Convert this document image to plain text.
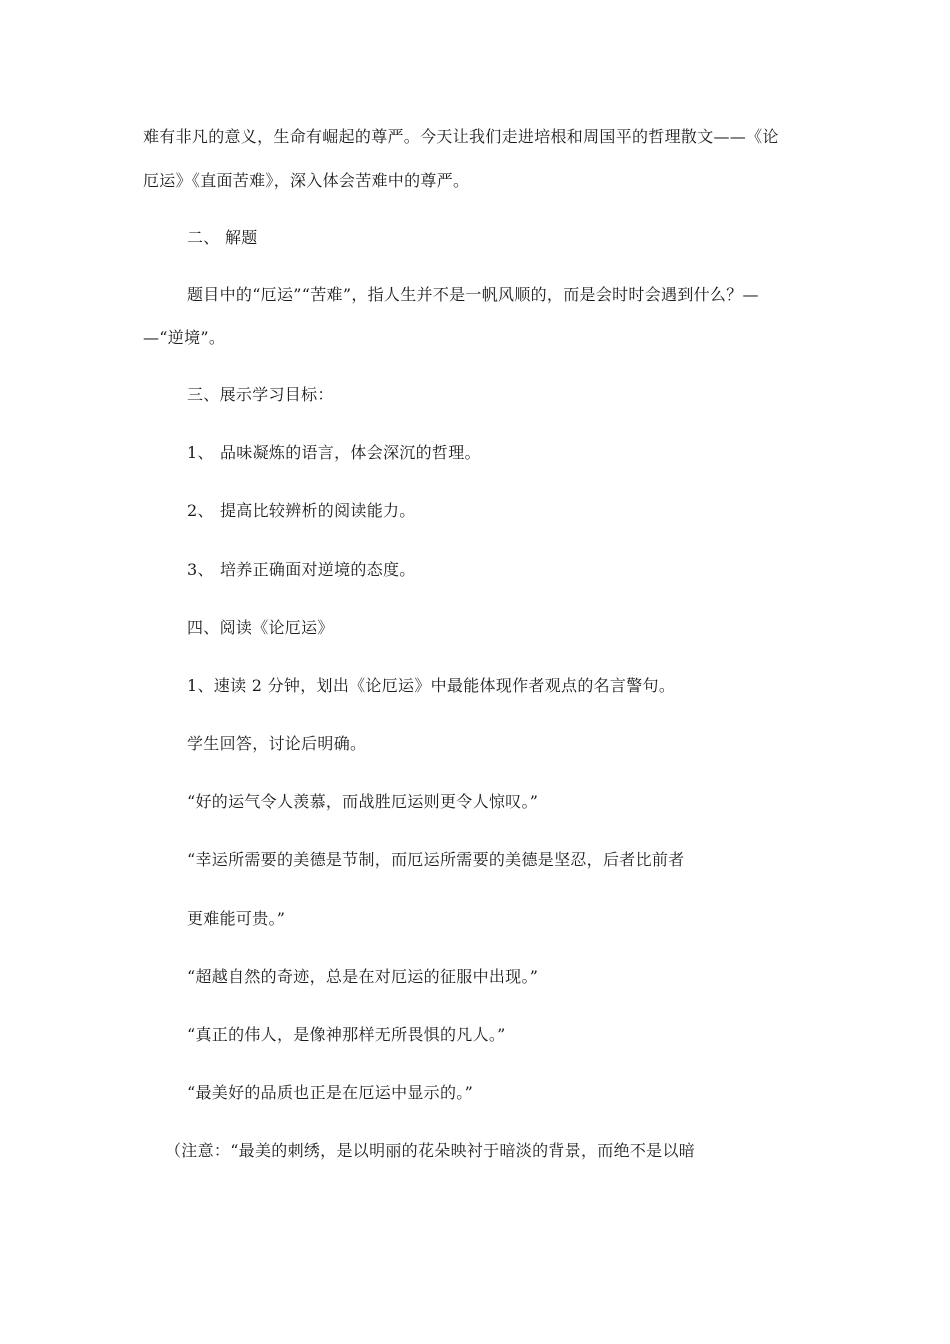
难有非凡的意义，生命有崛起的尊严。今天让我们走进培根和周国平的哲理散文——《论
厄运》《直面苦难》，深入体会苦难中的尊严。
二、 解题
题目中的“厄运”“苦难”，指人生并不是一帆风顺的，而是会时时会遇到什么？—
—“逆境”。
三、展示学习目标：
1、 品味凝炼的语言，体会深沉的哲理。
2、 提高比较辨析的阅读能力。
3、 培养正确面对逆境的态度。
四、阅读《论厄运》
1、速读 2 分钟，划出《论厄运》中最能体现作者观点的名言警句。
学生回答，讨论后明确。
“好的运气令人羡慕，而战胜厄运则更令人惊叹。”
“幸运所需要的美德是节制，而厄运所需要的美德是坚忍，后者比前者
更难能可贵。”
“超越自然的奇迹，总是在对厄运的征服中出现。”
“真正的伟人，是像神那样无所畏惧的凡人。”
“最美好的品质也正是在厄运中显示的。”
（注意：“最美的刺绣，是以明丽的花朵映衬于暗淡的背景，而绝不是以暗
